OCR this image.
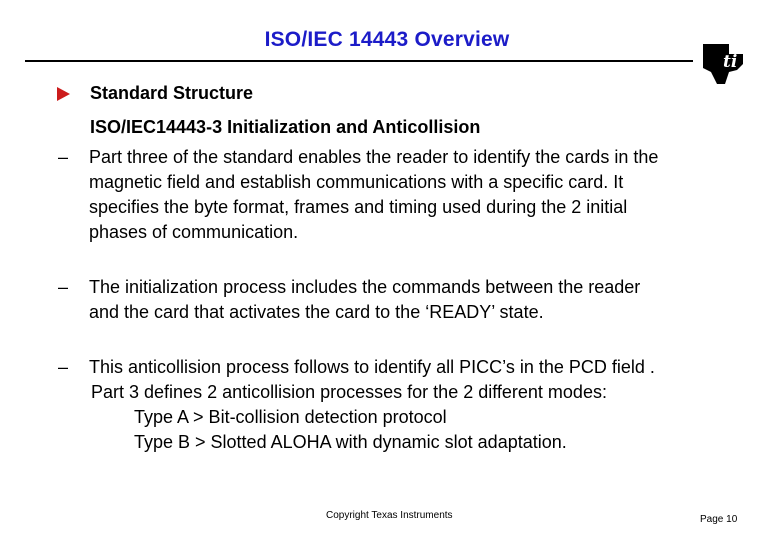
ISO/IEC 14443 Overview
ti
Standard Structure
ISO/IEC14443-3 Initialization and Anticollision
–	Part three of the standard enables the reader to identify the cards in the
magnetic field and establish communications with a specific card. It
specifies the byte format, frames and timing used during the 2 initial
phases of communication.
–	The initialization process includes the commands between the reader
and the card that activates the card to the ‘READY’ state.
–	This anticollision process follows to identify all PICC’s in the PCD field .
Part 3 defines 2 anticollision processes for the 2 different modes:
Type A > Bit-collision detection protocol
Type B > Slotted ALOHA with dynamic slot adaptation.
Copyright Texas Instruments	Page 10
